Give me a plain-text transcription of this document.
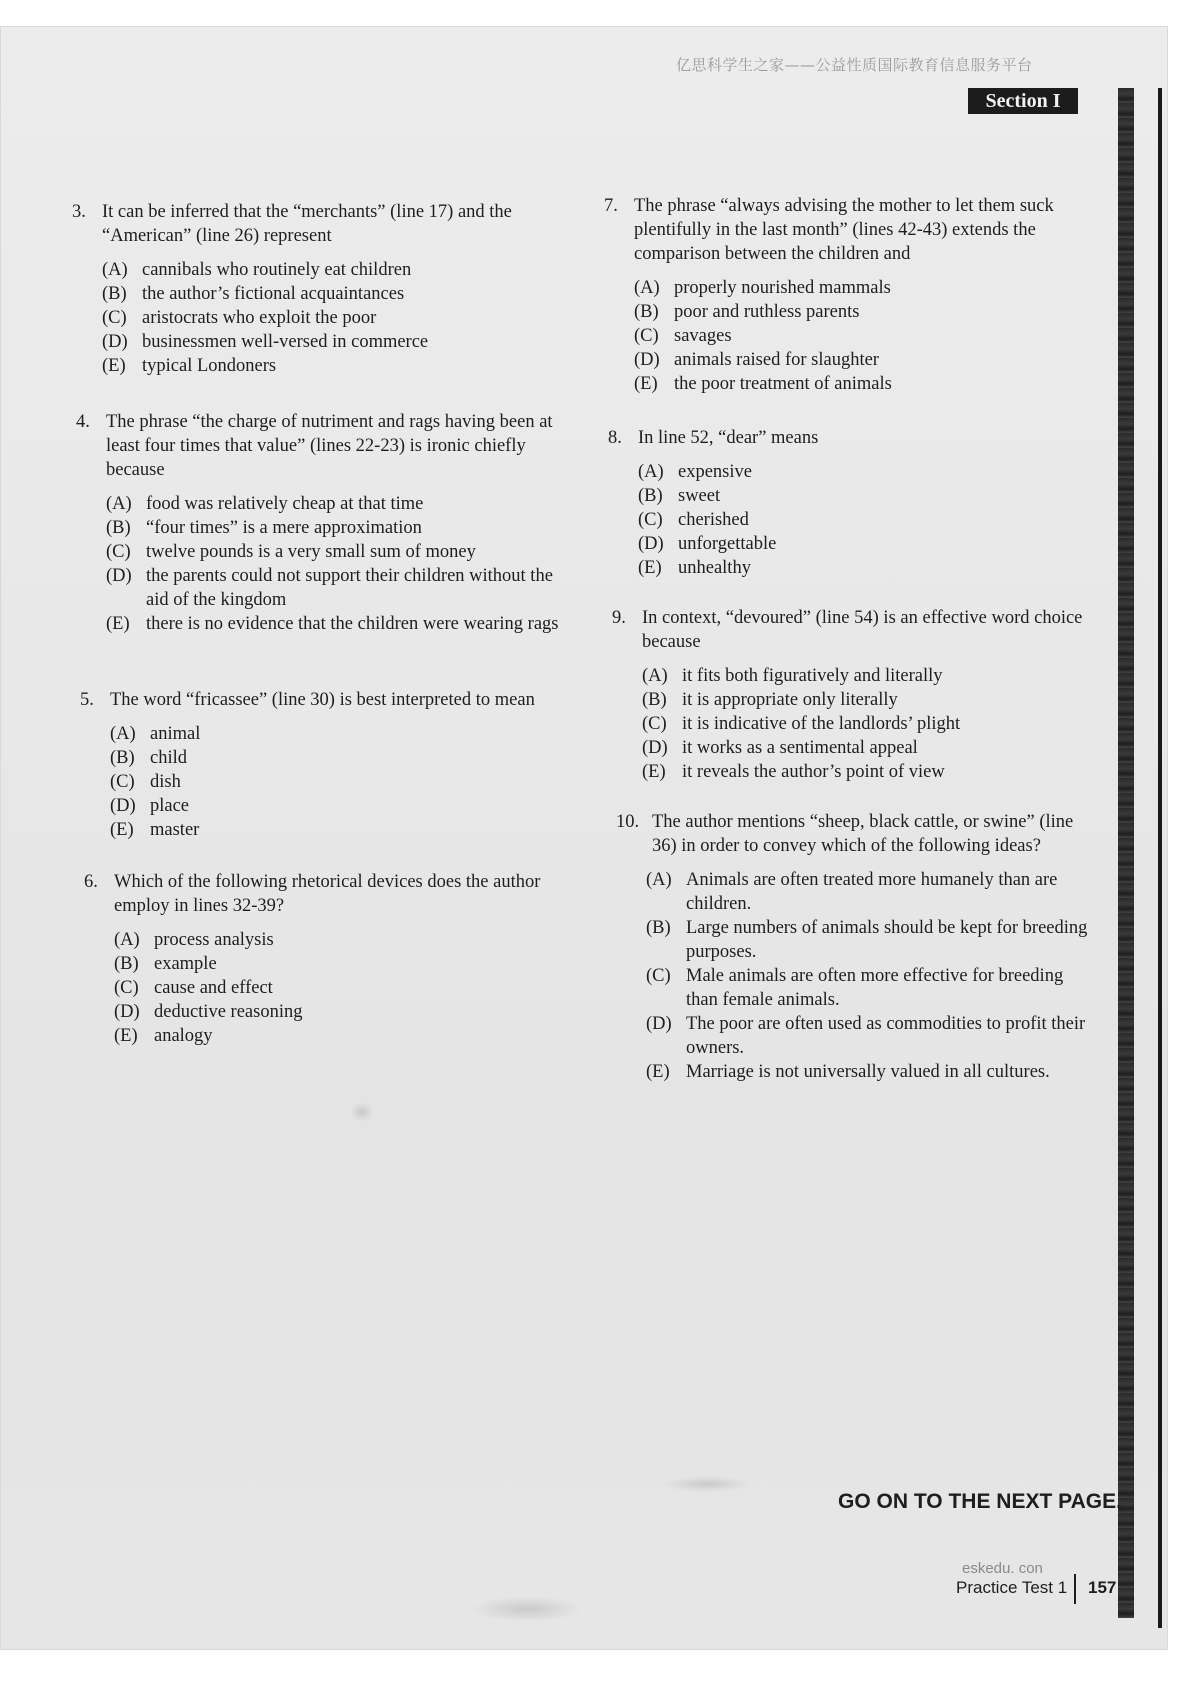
亿思科学生之家——公益性质国际教育信息服务平台
Section I
3. It can be inferred that the “merchants” (line 17) and the “American” (line 26) represent
(A) cannibals who routinely eat children
(B) the author’s fictional acquaintances
(C) aristocrats who exploit the poor
(D) businessmen well-versed in commerce
(E) typical Londoners
4. The phrase “the charge of nutriment and rags having been at least four times that value” (lines 22-23) is ironic chiefly because
(A) food was relatively cheap at that time
(B) “four times” is a mere approximation
(C) twelve pounds is a very small sum of money
(D) the parents could not support their children without the aid of the kingdom
(E) there is no evidence that the children were wearing rags
5. The word “fricassee” (line 30) is best interpreted to mean
(A) animal
(B) child
(C) dish
(D) place
(E) master
6. Which of the following rhetorical devices does the author employ in lines 32-39?
(A) process analysis
(B) example
(C) cause and effect
(D) deductive reasoning
(E) analogy
7. The phrase “always advising the mother to let them suck plentifully in the last month” (lines 42-43) extends the comparison between the children and
(A) properly nourished mammals
(B) poor and ruthless parents
(C) savages
(D) animals raised for slaughter
(E) the poor treatment of animals
8. In line 52, “dear” means
(A) expensive
(B) sweet
(C) cherished
(D) unforgettable
(E) unhealthy
9. In context, “devoured” (line 54) is an effective word choice because
(A) it fits both figuratively and literally
(B) it is appropriate only literally
(C) it is indicative of the landlords’ plight
(D) it works as a sentimental appeal
(E) it reveals the author’s point of view
10. The author mentions “sheep, black cattle, or swine” (line 36) in order to convey which of the following ideas?
(A) Animals are often treated more humanely than are children.
(B) Large numbers of animals should be kept for breeding purposes.
(C) Male animals are often more effective for breeding than female animals.
(D) The poor are often used as commodities to profit their owners.
(E) Marriage is not universally valued in all cultures.
GO ON TO THE NEXT PAGE.
eskedu. con
Practice Test 1 157
